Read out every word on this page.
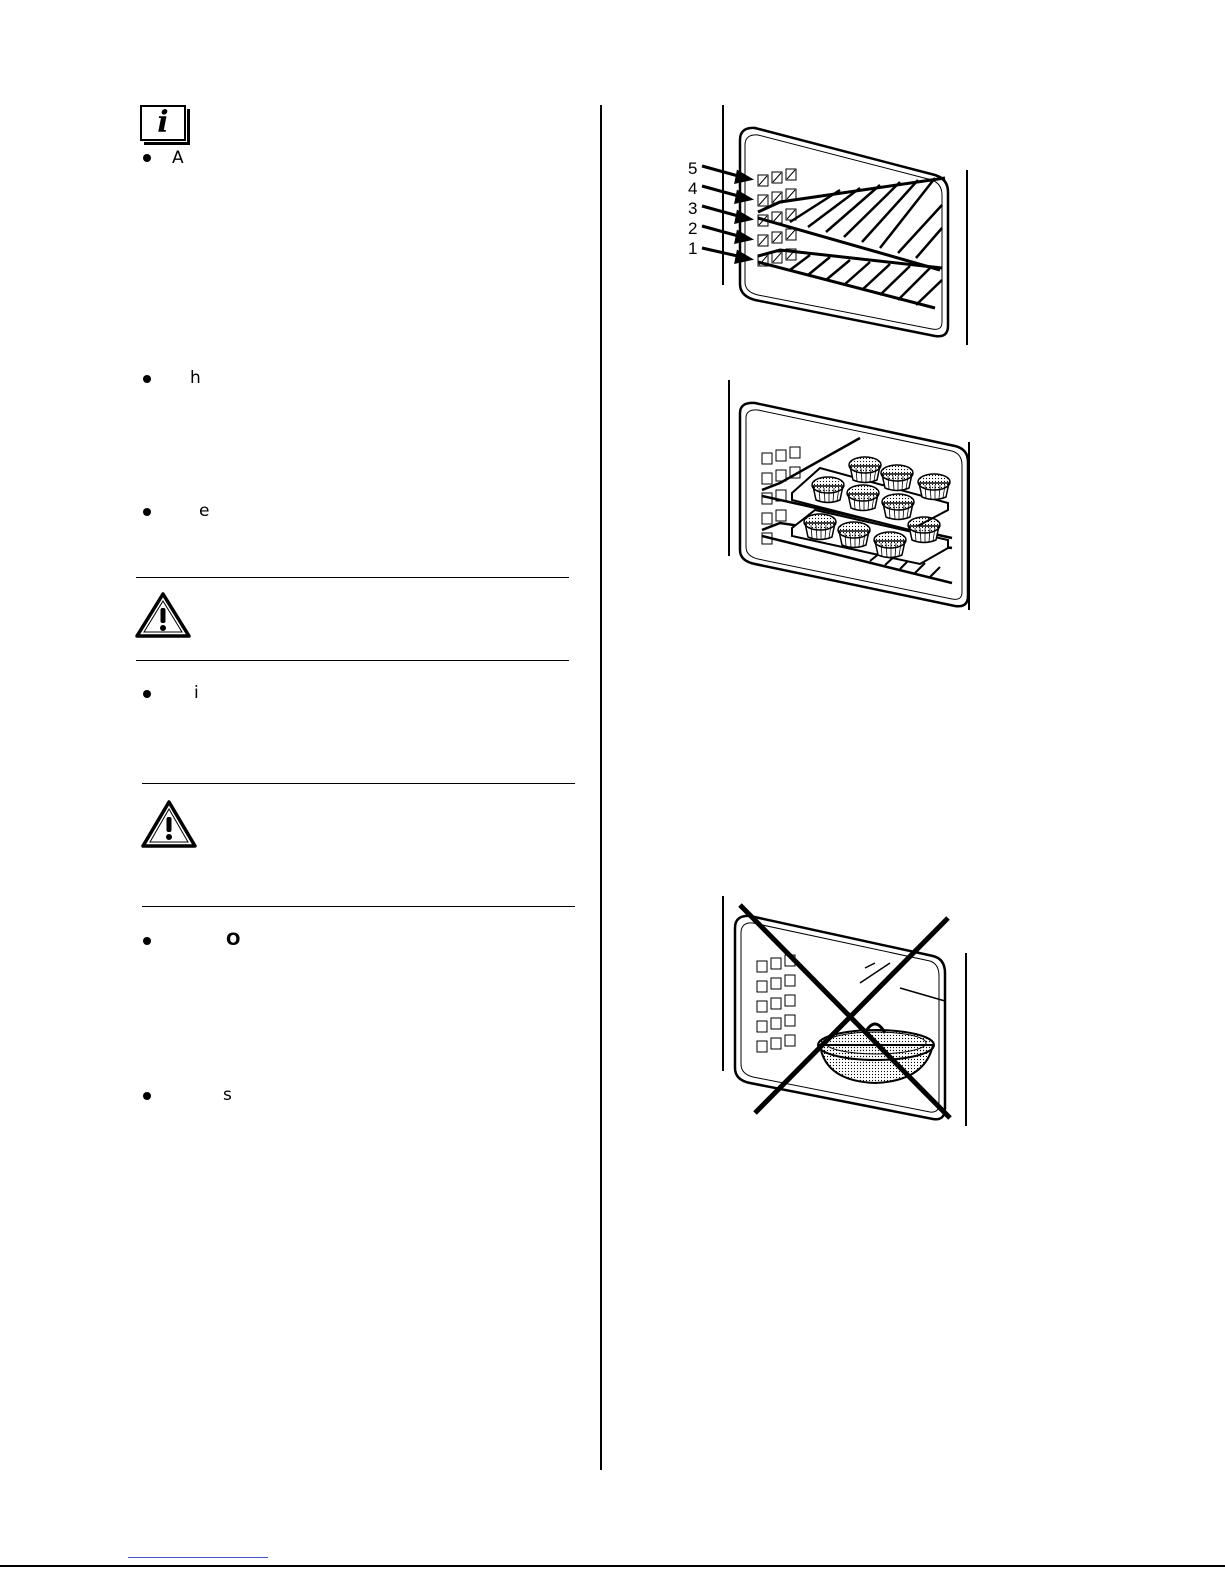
i
A
h
e
i
O
s
5
4
3
2
1
